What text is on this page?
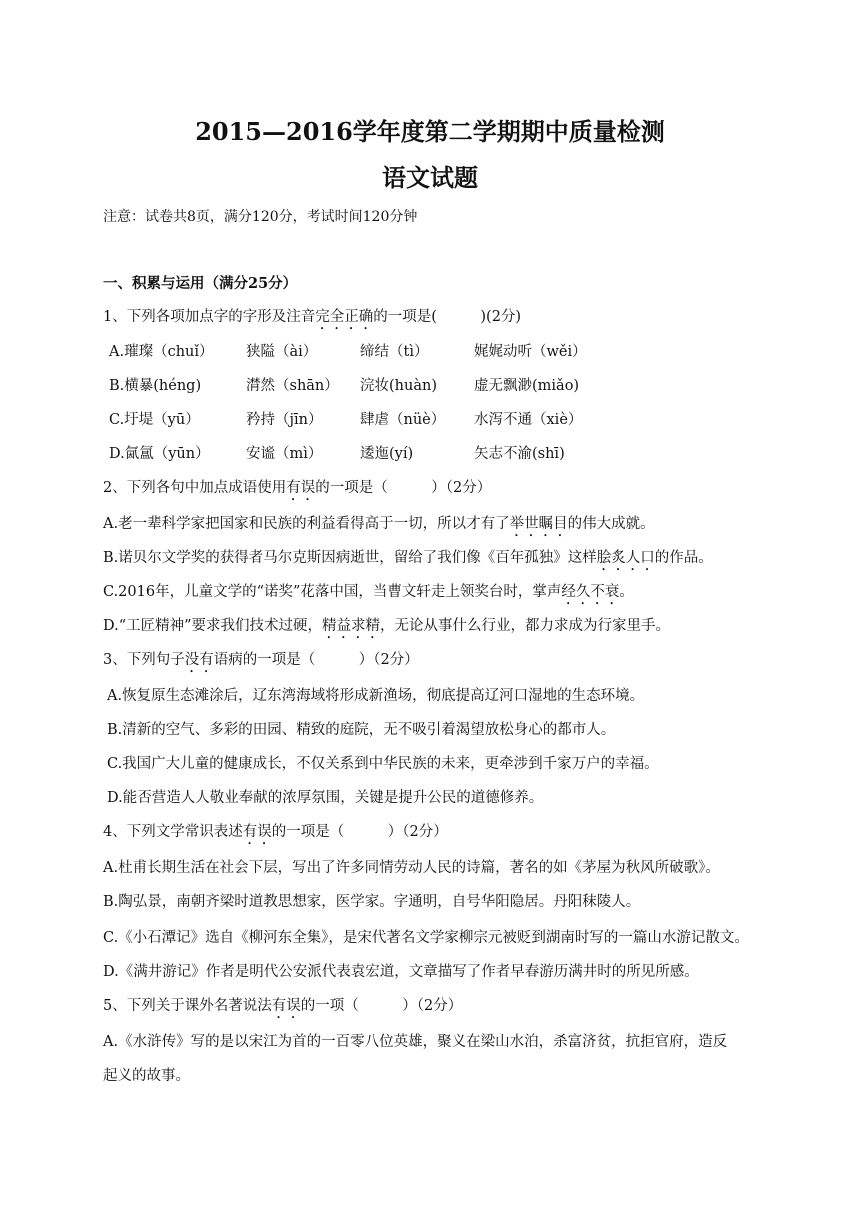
2015—2016学年度第二学期期中质量检测
语文试题
注意：试卷共8页，满分120分，考试时间120分钟
一、积累与运用（满分25分）
1、下列各项加点字的字形及注音完全正确的一项是(　　　)(2分)
A.璀璨（chuǐ） 狭隘（ài）	缔结（tì）	娓娓动听（wěi）
B.横暴(héng)	潸然（shān） 浣妆(huàn)	虚无飘渺(miǎo)
C.圩堤（yū）	矜持（jīn）	肆虐（nüè） 水泻不通（xiè）
D.氤氲（yūn）	安谧（mì）	逶迤(yí)	矢志不渝(shī)
2、下列各句中加点成语使用有误的一项是（　　　）（2分）
A.老一辈科学家把国家和民族的利益看得高于一切，所以才有了举世瞩目的伟大成就。
B.诺贝尔文学奖的获得者马尔克斯因病逝世，留给了我们像《百年孤独》这样脍炙人口的作品。
C.2016年，儿童文学的“诺奖”花落中国，当曹文轩走上领奖台时，掌声经久不衰。
D.“工匠精神”要求我们技术过硬，精益求精，无论从事什么行业，都力求成为行家里手。
3、下列句子没有语病的一项是（　　　）（2分）
A.恢复原生态滩涂后，辽东湾海域将形成新渔场，彻底提高辽河口湿地的生态环境。
B.清新的空气、多彩的田园、精致的庭院，无不吸引着渴望放松身心的都市人。
C.我国广大儿童的健康成长，不仅关系到中华民族的未来，更牵涉到千家万户的幸福。
D.能否营造人人敬业奉献的浓厚氛围，关键是提升公民的道德修养。
4、下列文学常识表述有误的一项是（　　　）（2分）
A.杜甫长期生活在社会下层，写出了许多同情劳动人民的诗篇，著名的如《茅屋为秋风所破歌》。
B.陶弘景，南朝齐梁时道教思想家，医学家。字通明，自号华阳隐居。丹阳秣陵人。
C.《小石潭记》选自《柳河东全集》，是宋代著名文学家柳宗元被贬到湖南时写的一篇山水游记散文。
D.《满井游记》作者是明代公安派代表袁宏道，文章描写了作者早春游历满井时的所见所感。
5、下列关于课外名著说法有误的一项（　　　）（2分）
A.《水浒传》写的是以宋江为首的一百零八位英雄，聚义在梁山水泊，杀富济贫，抗拒官府，造反
起义的故事。
